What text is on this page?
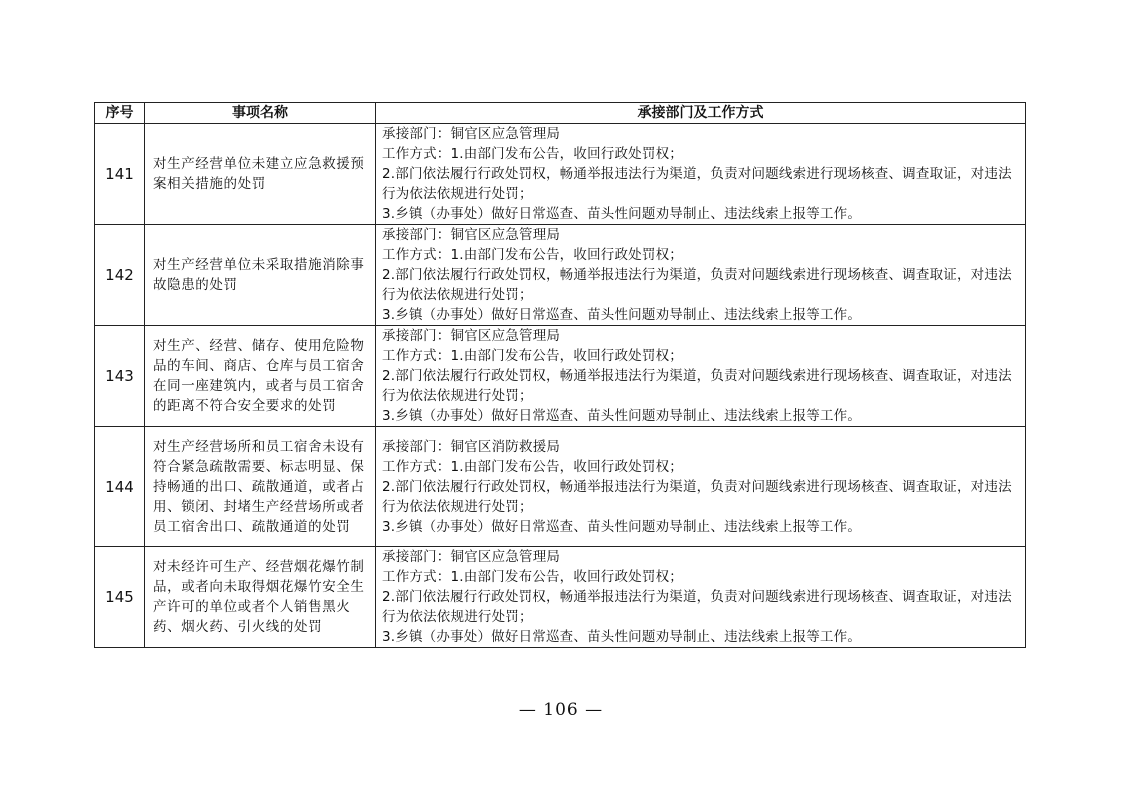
序号	事项名称	承接部门及工作方式
141	对生产经营单位未建立应急救援预案相关措施的处罚	承接部门：铜官区应急管理局
工作方式：1.由部门发布公告，收回行政处罚权；
2.部门依法履行行政处罚权，畅通举报违法行为渠道，负责对问题线索进行现场核查、调查取证，对违法行为依法依规进行处罚；
3.乡镇（办事处）做好日常巡查、苗头性问题劝导制止、违法线索上报等工作。

142	对生产经营单位未采取措施消除事故隐患的处罚	承接部门：铜官区应急管理局
工作方式：1.由部门发布公告，收回行政处罚权；
2.部门依法履行行政处罚权，畅通举报违法行为渠道，负责对问题线索进行现场核查、调查取证，对违法行为依法依规进行处罚；
3.乡镇（办事处）做好日常巡查、苗头性问题劝导制止、违法线索上报等工作。

143	对生产、经营、储存、使用危险物品的车间、商店、仓库与员工宿舍在同一座建筑内，或者与员工宿舍的距离不符合安全要求的处罚	承接部门：铜官区应急管理局
工作方式：1.由部门发布公告，收回行政处罚权；
2.部门依法履行行政处罚权，畅通举报违法行为渠道，负责对问题线索进行现场核查、调查取证，对违法行为依法依规进行处罚；
3.乡镇（办事处）做好日常巡查、苗头性问题劝导制止、违法线索上报等工作。

144	对生产经营场所和员工宿舍未设有符合紧急疏散需要、标志明显、保持畅通的出口、疏散通道，或者占用、锁闭、封堵生产经营场所或者员工宿舍出口、疏散通道的处罚	承接部门：铜官区消防救援局
工作方式：1.由部门发布公告，收回行政处罚权；
2.部门依法履行行政处罚权，畅通举报违法行为渠道，负责对问题线索进行现场核查、调查取证，对违法行为依法依规进行处罚；
3.乡镇（办事处）做好日常巡查、苗头性问题劝导制止、违法线索上报等工作。

145	对未经许可生产、经营烟花爆竹制品，或者向未取得烟花爆竹安全生产许可的单位或者个人销售黑火药、烟火药、引火线的处罚	承接部门：铜官区应急管理局
工作方式：1.由部门发布公告，收回行政处罚权；
2.部门依法履行行政处罚权，畅通举报违法行为渠道，负责对问题线索进行现场核查、调查取证，对违法行为依法依规进行处罚；
3.乡镇（办事处）做好日常巡查、苗头性问题劝导制止、违法线索上报等工作。
— 106 —
